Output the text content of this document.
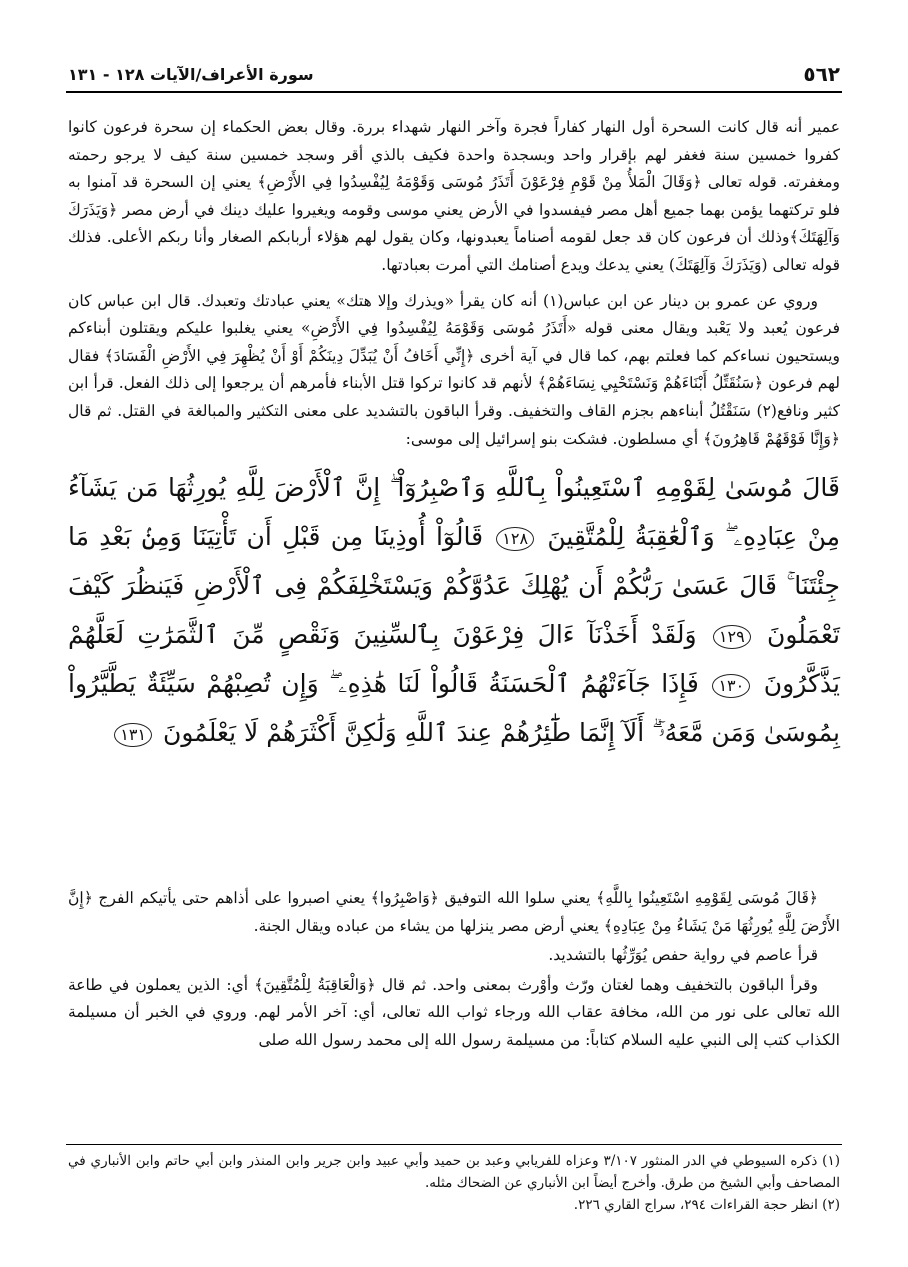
٥٦٢
سورة الأعراف/الآيات ١٢٨ - ١٣١

عمير أنه قال كانت السحرة أول النهار كفاراً فجرة وآخر النهار شهداء بررة. وقال بعض الحكماء إن سحرة فرعون كانوا كفروا خمسين سنة فغفر لهم بإقرار واحد وبسجدة واحدة فكيف بالذي أقر وسجد خمسين سنة كيف لا يرجو رحمته ومغفرته. قوله تعالى ﴿وَقَالَ الْمَلأُ مِنْ قَوْمِ فِرْعَوْنَ أَتَذَرُ مُوسَى وَقَوْمَهُ لِيُفْسِدُوا فِي الأَرْضِ﴾ يعني إن السحرة قد آمنوا به فلو تركتهما يؤمن بهما جميع أهل مصر فيفسدوا في الأرض يعني موسى وقومه ويغيروا عليك دينك في أرض مصر ﴿وَيَذَرَكَ وَآلِهَتَكَ﴾وذلك أن فرعون كان قد جعل لقومه أصناماً يعبدونها، وكان يقول لهم هؤلاء أربابكم الصغار وأنا ربكم الأعلى. فذلك قوله تعالى (وَيَذَرَكَ وَآلِهَتَكَ) يعني يدعك ويدع أصنامك التي أمرت بعبادتها.

وروي عن عمرو بن دينار عن ابن عباس(١) أنه كان يقرأ «ويذرك وإلا هتك» يعني عبادتك وتعبدك. قال ابن عباس كان فرعون يُعبد ولا يَعْبد ويقال معنى قوله «أَتَذَرُ مُوسَى وَقَوْمَهُ لِيُفْسِدُوا فِي الأَرْضِ» يعني يغلبوا عليكم ويقتلون أبناءكم ويستحيون نساءكم كما فعلتم بهم، كما قال في آية أخرى ﴿إِنِّي أَخَافُ أَنْ يُبَدِّلَ دِينَكُمْ أَوْ أَنْ يُظْهِرَ فِي الأَرْضِ الْفَسَادَ﴾ فقال لهم فرعون ﴿سَنُقَتِّلُ أَبْنَاءَهُمْ وَنَسْتَحْيِي نِسَاءَهُمْ﴾ لأنهم قد كانوا تركوا قتل الأبناء فأمرهم أن يرجعوا إلى ذلك الفعل. قرأ ابن كثير ونافع(٢) سَنَقْتُلُ أبناءهم بجزم القاف والتخفيف. وقرأ الباقون بالتشديد على معنى التكثير والمبالغة في القتل. ثم قال ﴿وَإِنَّا فَوْقَهُمْ قَاهِرُونَ﴾ أي مسلطون. فشكت بنو إسرائيل إلى موسى:

قَالَ مُوسَىٰ لِقَوْمِهِ ٱسْتَعِينُواْ بِٱللَّهِ وَٱصْبِرُوٓاْ ۖ إِنَّ ٱلْأَرْضَ لِلَّهِ يُورِثُهَا مَن يَشَآءُ مِنْ عِبَادِهِۦ ۖ وَٱلْعَٰقِبَةُ لِلْمُتَّقِينَ ١٢٨ قَالُوٓاْ أُوذِينَا مِن قَبْلِ أَن تَأْتِيَنَا وَمِنۢ بَعْدِ مَا جِئْتَنَا ۚ قَالَ عَسَىٰ رَبُّكُمْ أَن يُهْلِكَ عَدُوَّكُمْ وَيَسْتَخْلِفَكُمْ فِى ٱلْأَرْضِ فَيَنظُرَ كَيْفَ تَعْمَلُونَ ١٢٩ وَلَقَدْ أَخَذْنَآ ءَالَ فِرْعَوْنَ بِٱلسِّنِينَ وَنَقْصٍ مِّنَ ٱلثَّمَرَٰتِ لَعَلَّهُمْ يَذَّكَّرُونَ ١٣٠ فَإِذَا جَآءَتْهُمُ ٱلْحَسَنَةُ قَالُواْ لَنَا هَٰذِهِۦ ۖ وَإِن تُصِبْهُمْ سَيِّئَةٌ يَطَّيَّرُواْ بِمُوسَىٰ وَمَن مَّعَهُۥٓ ۗ أَلَآ إِنَّمَا طَٰٓئِرُهُمْ عِندَ ٱللَّهِ وَلَٰكِنَّ أَكْثَرَهُمْ لَا يَعْلَمُونَ ١٣١

﴿قَالَ مُوسَى لِقَوْمِهِ اسْتَعِينُوا بِاللَّهِ﴾ يعني سلوا الله التوفيق ﴿وَاصْبِرُوا﴾ يعني اصبروا على أذاهم حتى يأتيكم الفرج ﴿إِنَّ الأَرْضَ لِلَّهِ يُورِثُهَا مَنْ يَشَاءُ مِنْ عِبَادِهِ﴾ يعني أرض مصر ينزلها من يشاء من عباده ويقال الجنة.

قرأ عاصم في رواية حفص يُوَرِّثُها بالتشديد.

وقرأ الباقون بالتخفيف وهما لغتان ورّث وأوْرث بمعنى واحد. ثم قال ﴿وَالْعَاقِبَةُ لِلْمُتَّقِينَ﴾ أي: الذين يعملون في طاعة الله تعالى على نور من الله، مخافة عقاب الله ورجاء ثواب الله تعالى، أي: آخر الأمر لهم. وروي في الخبر أن مسيلمة الكذاب كتب إلى النبي عليه السلام كتاباً: من مسيلمة رسول الله إلى محمد رسول الله صلى

(١) ذكره السيوطي في الدر المنثور ٣/١٠٧ وعزاه للفريابي وعبد بن حميد وأبي عبيد وابن جرير وابن المنذر وابن أبي حاتم وابن الأنباري في المصاحف وأبي الشيخ من طرق. وأخرج أيضاً ابن الأنباري عن الضحاك مثله.

(٢) انظر حجة القراءات ٢٩٤، سراج القاري ٢٢٦.
